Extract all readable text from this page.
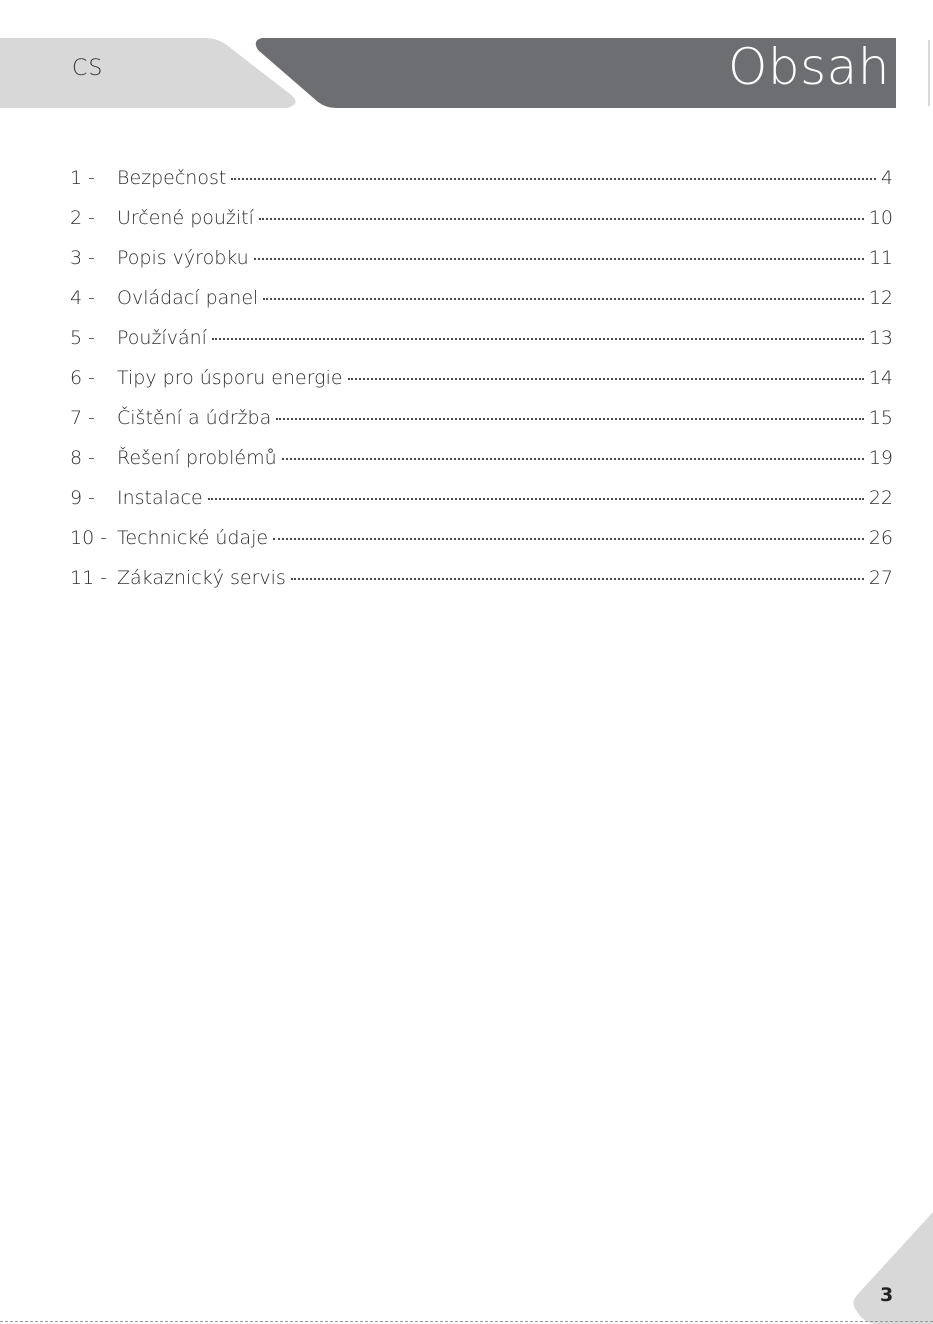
CS	Obsah
1 -	Bezpečnost	4
2 -	Určené použití	10
3 -	Popis výrobku	11
4 -	Ovládací panel	12
5 -	Používání	13
6 -	Tipy pro úsporu energie	14
7 -	Čištění a údržba	15
8 -	Řešení problémů	19
9 -	Instalace	22
10 - Technické údaje	26
11 - Zákaznický servis	27
3
